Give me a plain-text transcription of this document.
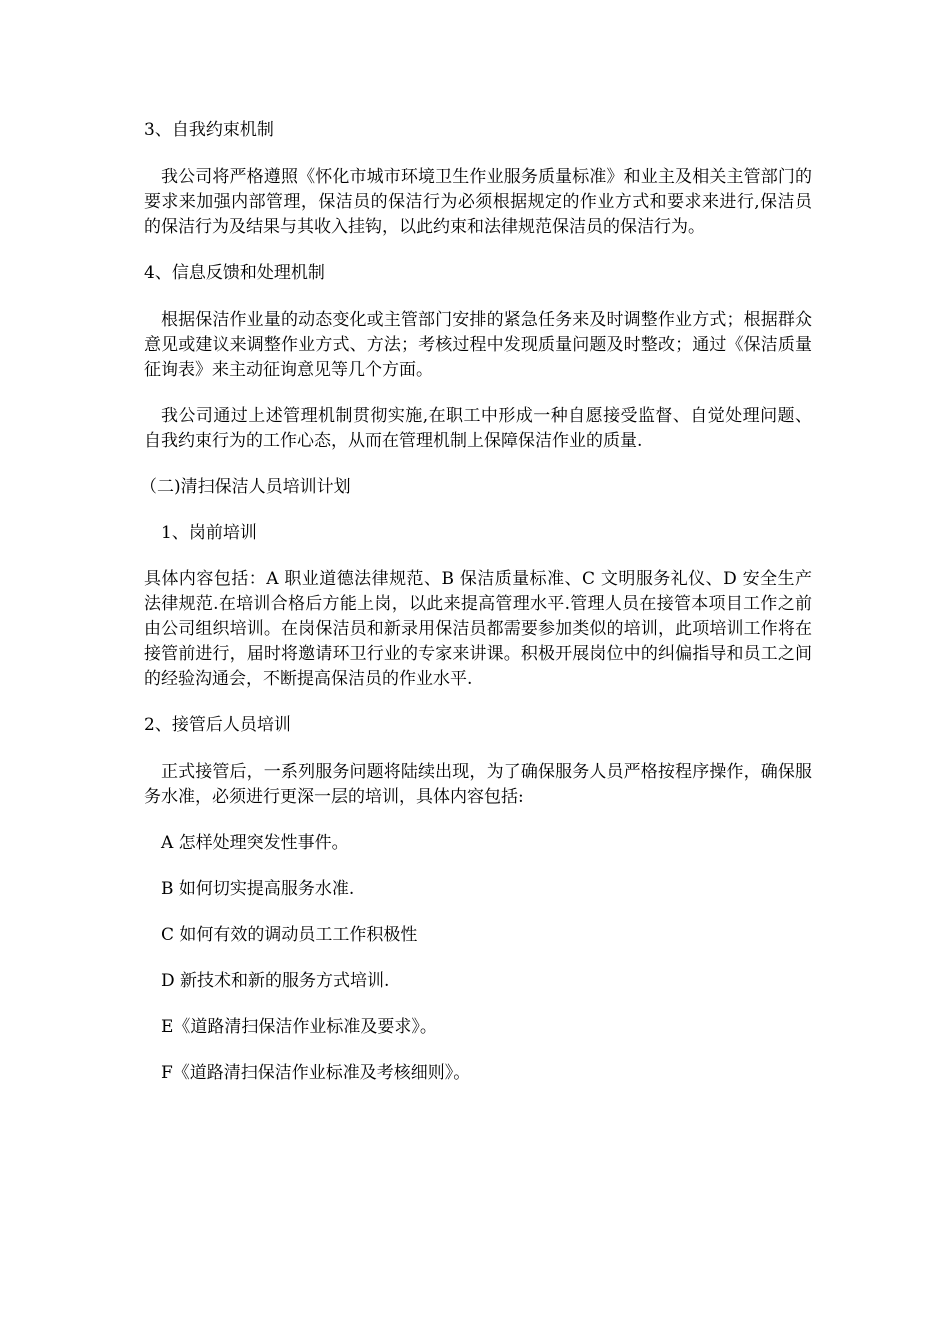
3、自我约束机制

我公司将严格遵照《怀化市城市环境卫生作业服务质量标准》和业主及相关主管部门的要求来加强内部管理，保洁员的保洁行为必须根据规定的作业方式和要求来进行,保洁员的保洁行为及结果与其收入挂钩，以此约束和法律规范保洁员的保洁行为。

4、信息反馈和处理机制

根据保洁作业量的动态变化或主管部门安排的紧急任务来及时调整作业方式；根据群众意见或建议来调整作业方式、方法；考核过程中发现质量问题及时整改；通过《保洁质量征询表》来主动征询意见等几个方面。

我公司通过上述管理机制贯彻实施,在职工中形成一种自愿接受监督、自觉处理问题、自我约束行为的工作心态，从而在管理机制上保障保洁作业的质量.

（二)清扫保洁人员培训计划

1、岗前培训

具体内容包括：A 职业道德法律规范、B 保洁质量标准、C 文明服务礼仪、D 安全生产法律规范.在培训合格后方能上岗，以此来提高管理水平.管理人员在接管本项目工作之前由公司组织培训。在岗保洁员和新录用保洁员都需要参加类似的培训，此项培训工作将在接管前进行，届时将邀请环卫行业的专家来讲课。积极开展岗位中的纠偏指导和员工之间的经验沟通会，不断提高保洁员的作业水平.

2、接管后人员培训

正式接管后，一系列服务问题将陆续出现，为了确保服务人员严格按程序操作，确保服务水准，必须进行更深一层的培训，具体内容包括:

A 怎样处理突发性事件。

B 如何切实提高服务水准.

C 如何有效的调动员工工作积极性

D 新技术和新的服务方式培训.

E《道路清扫保洁作业标准及要求》。

F《道路清扫保洁作业标准及考核细则》。
